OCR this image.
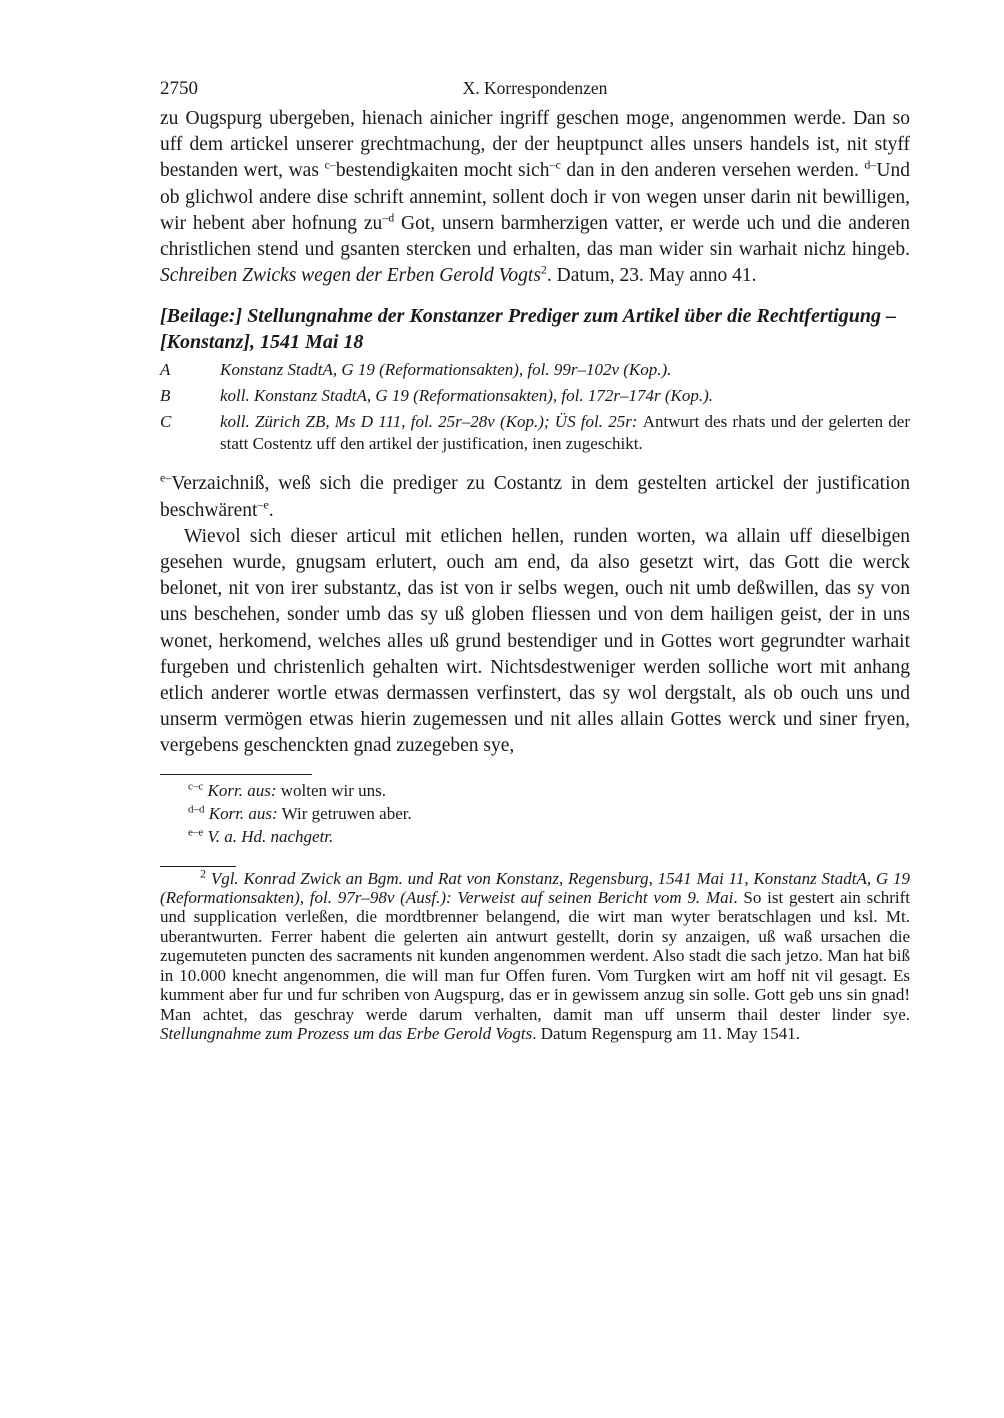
2750	X. Korrespondenzen

zu Ougspurg ubergeben, hienach ainicher ingriff geschen moge, angenommen werde. Dan so uff dem artickel unserer grechtmachung, der der heuptpunct alles unsers handels ist, nit styff bestanden wert, was $^{c-}$bestendigkaiten mocht sich$^{-c}$ dan in den anderen versehen werden. $^{d-}$Und ob glichwol andere dise schrift annemint, sollent doch ir von wegen unser darin nit bewilligen, wir hebent aber hofnung $zu^{-d}$ Got, unsern barmherzigen vatter, er werde uch und die anderen christlichen stend und gsanten stercken und erhalten, das man wider sin warhait nichz hingeb. Schreiben Zwicks wegen der Erben Gerold Vogts$^2$. Datum, 23. May anno 41.

[Beilage:] Stellungnahme der Konstanzer Prediger zum Artikel über die Rechtfertigung – [Konstanz], 1541 Mai 18
A	Konstanz StadtA, G 19 (Reformationsakten), fol. 99r–102v (Kop.).
B	koll. Konstanz StadtA, G 19 (Reformationsakten), fol. 172r–174r (Kop.).
C	koll. Zürich ZB, Ms D 111, fol. 25r–28v (Kop.); ÜS fol. 25r: Antwurt des rhats und der gelerten der statt Costentz uff den artikel der justification, inen zugeschikt.

$^{e-}$Verzaichniß, weß sich die prediger zu Costantz in dem gestelten artickel der justification beschwärent$^{-e}$.

Wievol sich dieser articul mit etlichen hellen, runden worten, wa allain uff dieselbigen gesehen wurde, gnugsam erlutert, ouch am end, da also gesetzt wirt, das Gott die werck belonet, nit von irer substantz, das ist von ir selbs wegen, ouch nit umb deßwillen, das sy von uns beschehen, sonder umb das sy uß globen fliessen und von dem hailigen geist, der in uns wonet, herkomend, welches alles uß grund bestendiger und in Gottes wort gegrundter warhait furgeben und christenlich gehalten wirt. Nichtsdestweniger werden solliche wort mit anhang etlich anderer wortle etwas dermassen verfinstert, das sy wol dergstalt, als ob ouch uns und unserm vermögen etwas hierin zugemessen und nit alles allain Gottes werck und siner fryen, vergebens geschenckten gnad zuzegeben sye,

$^{c-c}$ Korr. aus: wolten wir uns.
$^{d-d}$ Korr. aus: Wir getruwen aber.
$^{e-e}$ V. a. Hd. nachgetr.
$^2$ Vgl. Konrad Zwick an Bgm. und Rat von Konstanz, Regensburg, 1541 Mai 11, Konstanz StadtA, G 19 (Reformationsakten), fol. 97r–98v (Ausf.): Verweist auf seinen Bericht vom 9. Mai. So ist gestert ain schrift und supplication verleßen, die mordtbrenner belangend, die wirt man wyter beratschlagen und ksl. Mt. uberantwurten. Ferrer habent die gelerten ain antwurt gestellt, dorin sy anzaigen, uß waß ursachen die zugemuteten puncten des sacraments nit kunden angenommen werdent. Also stadt die sach jetzo. Man hat biß in 10.000 knecht angenommen, die will man fur Offen furen. Vom Turgken wirt am hoff nit vil gesagt. Es kumment aber fur und fur schriben von Augspurg, das er in gewissem anzug sin solle. Gott geb uns sin gnad! Man achtet, das geschray werde darum verhalten, damit man uff unserm thail dester linder sye. Stellungnahme zum Prozess um das Erbe Gerold Vogts. Datum Regenspurg am 11. May 1541.
